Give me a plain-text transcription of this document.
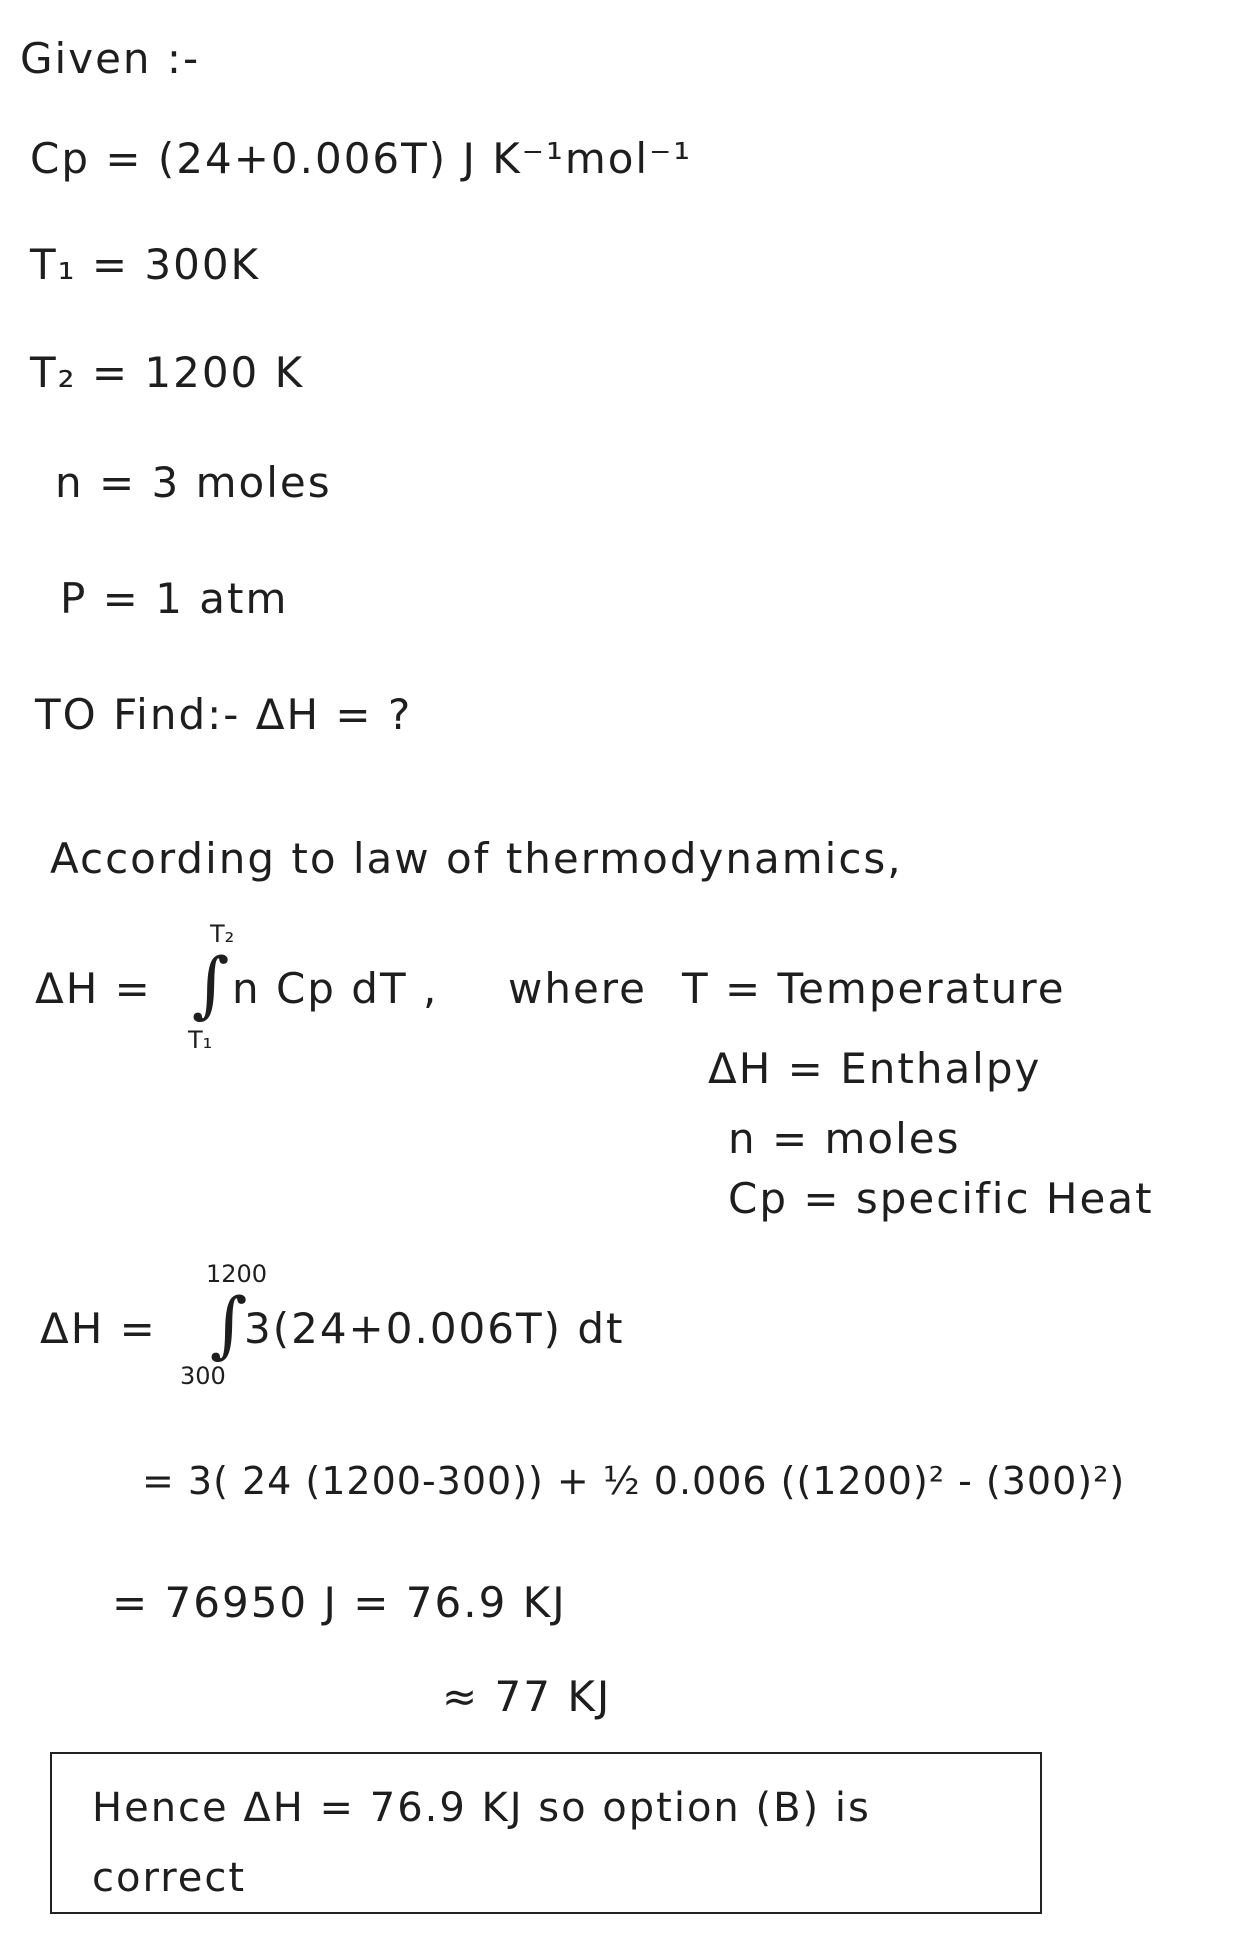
Given :-
Cp = (24+0.006T) J K⁻¹mol⁻¹
T₁ = 300K
T₂ = 1200 K
n = 3 moles
P = 1 atm
TO Find:- ΔH = ?
According to law of thermodynamics,
ΔH =
T₂
∫
T₁
n Cp dT , where T = Temperature
ΔH = Enthalpy
n = moles
Cp = specific Heat
ΔH =
1200
∫
300
3(24+0.006T) dt
= 3( 24 (1200-300)) + ½ 0.006 ((1200)² - (300)²)
= 76950 J = 76.9 KJ
≈ 77 KJ
Hence ΔH = 76.9 KJ so option (B) is
correct
